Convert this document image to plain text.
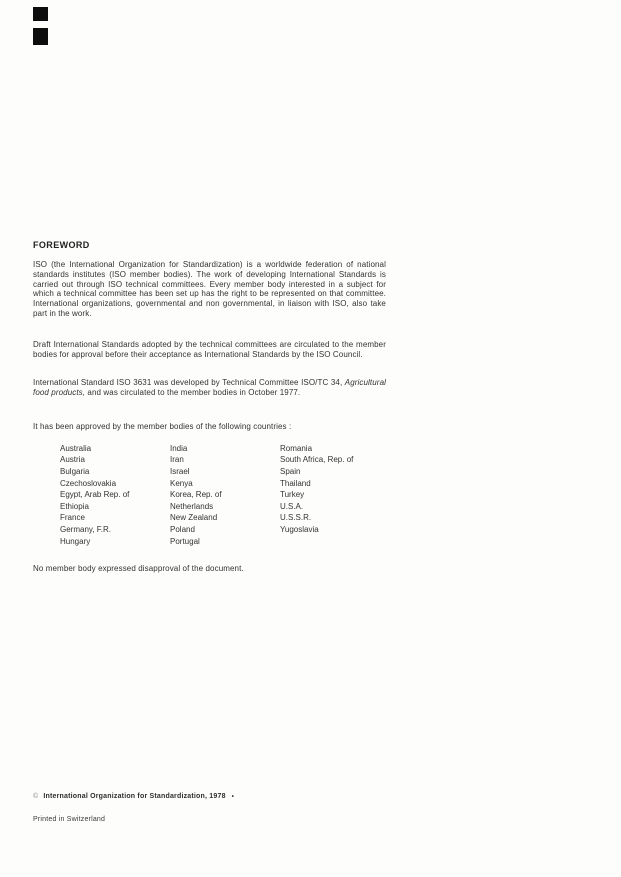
FOREWORD

ISO (the International Organization for Standardization) is a worldwide federation of national standards institutes (ISO member bodies). The work of developing International Standards is carried out through ISO technical committees. Every member body interested in a subject for which a technical committee has been set up has the right to be represented on that committee. International organizations, governmental and non governmental, in liaison with ISO, also take part in the work.

Draft International Standards adopted by the technical committees are circulated to the member bodies for approval before their acceptance as International Standards by the ISO Council.

International Standard ISO 3631 was developed by Technical Committee ISO/TC 34, Agricultural food products, and was circulated to the member bodies in October 1977.

It has been approved by the member bodies of the following countries :

Australia
Austria
Bulgaria
Czechoslovakia
Egypt, Arab Rep. of
Ethiopia
France
Germany, F.R.
Hungary
India
Iran
Israel
Kenya
Korea, Rep. of
Netherlands
New Zealand
Poland
Portugal
Romania
South Africa, Rep. of
Spain
Thailand
Turkey
U.S.A.
U.S.S.R.
Yugoslavia

No member body expressed disapproval of the document.

© International Organization for Standardization, 1978 •
Printed in Switzerland
